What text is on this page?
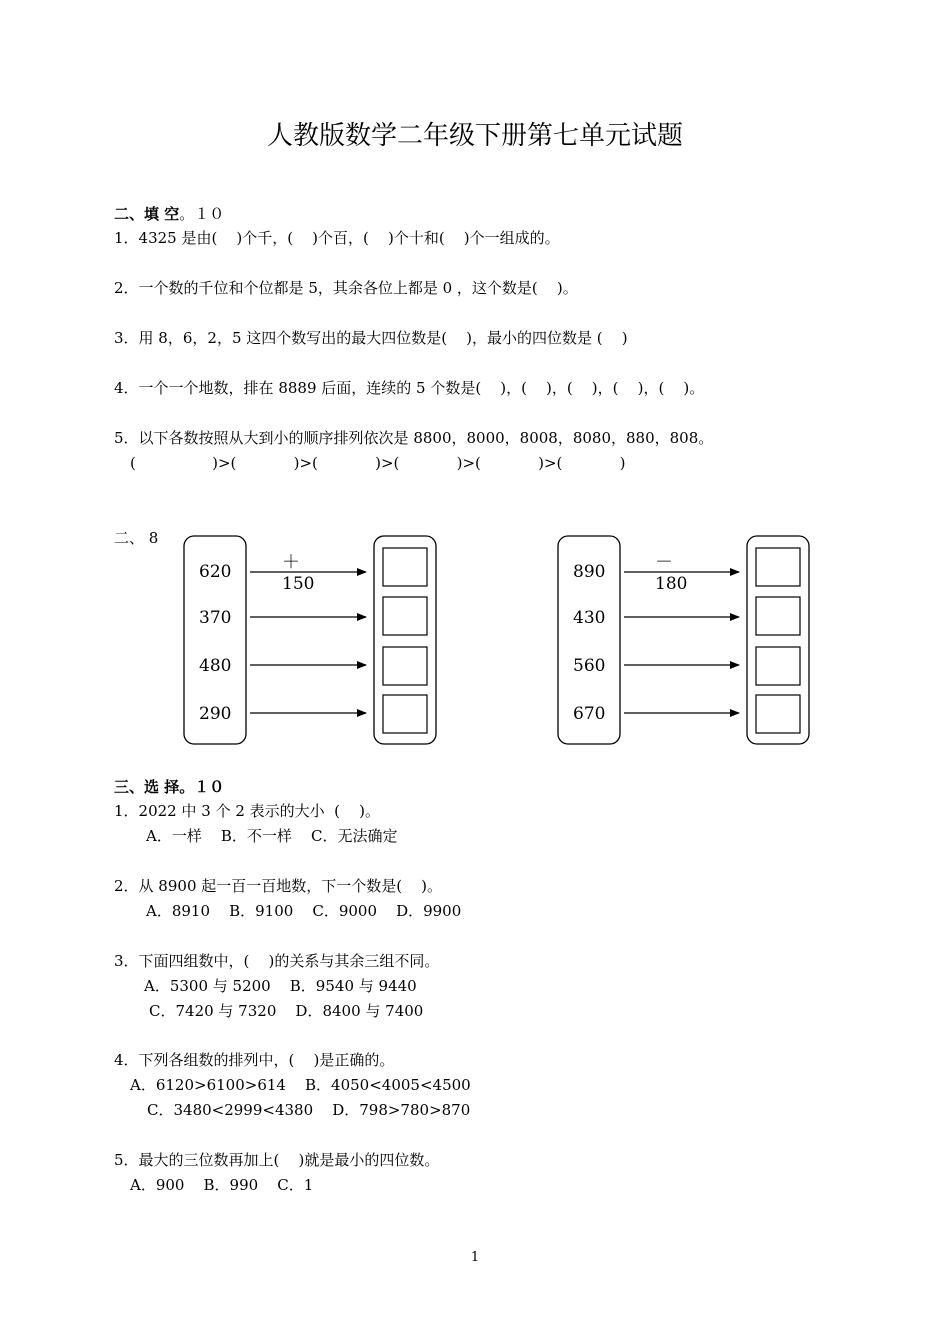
人教版数学二年级下册第七单元试题
二、填 空。１０
1．4325 是由(    )个千，(    )个百，(    )个十和(    )个一组成的。
2．一个数的千位和个位都是 5，其余各位上都是 0 ，这个数是(    )。
3．用 8，6，2，5 这四个数写出的最大四位数是(    )，最小的四位数是 (    )
4．一个一个地数，排在 8889 后面，连续的 5 个数是(    )，(    )，(    )，(    )，(    )。
5．以下各数按照从大到小的顺序排列依次是 8800，8000，8008，8080，880，808。
(                )>(            )>(            )>(            )>(            )>(            )
二、 8
620
370
480
290
＋
150
890
430
560
670
－
180
三、选 择。１０
1．2022 中 3 个 2 表示的大小  (    )。
A．一样    B．不一样    C．无法确定
2．从 8900 起一百一百地数，下一个数是(    )。
A．8910    B．9100    C．9000    D．9900
3．下面四组数中，(    )的关系与其余三组不同。
A．5300 与 5200    B．9540 与 9440
C．7420 与 7320    D．8400 与 7400
4．下列各组数的排列中，(    )是正确的。
A．6120>6100>614    B．4050<4005<4500
C．3480<2999<4380    D．798>780>870
5．最大的三位数再加上(    )就是最小的四位数。
A．900    B．990    C．1
1
